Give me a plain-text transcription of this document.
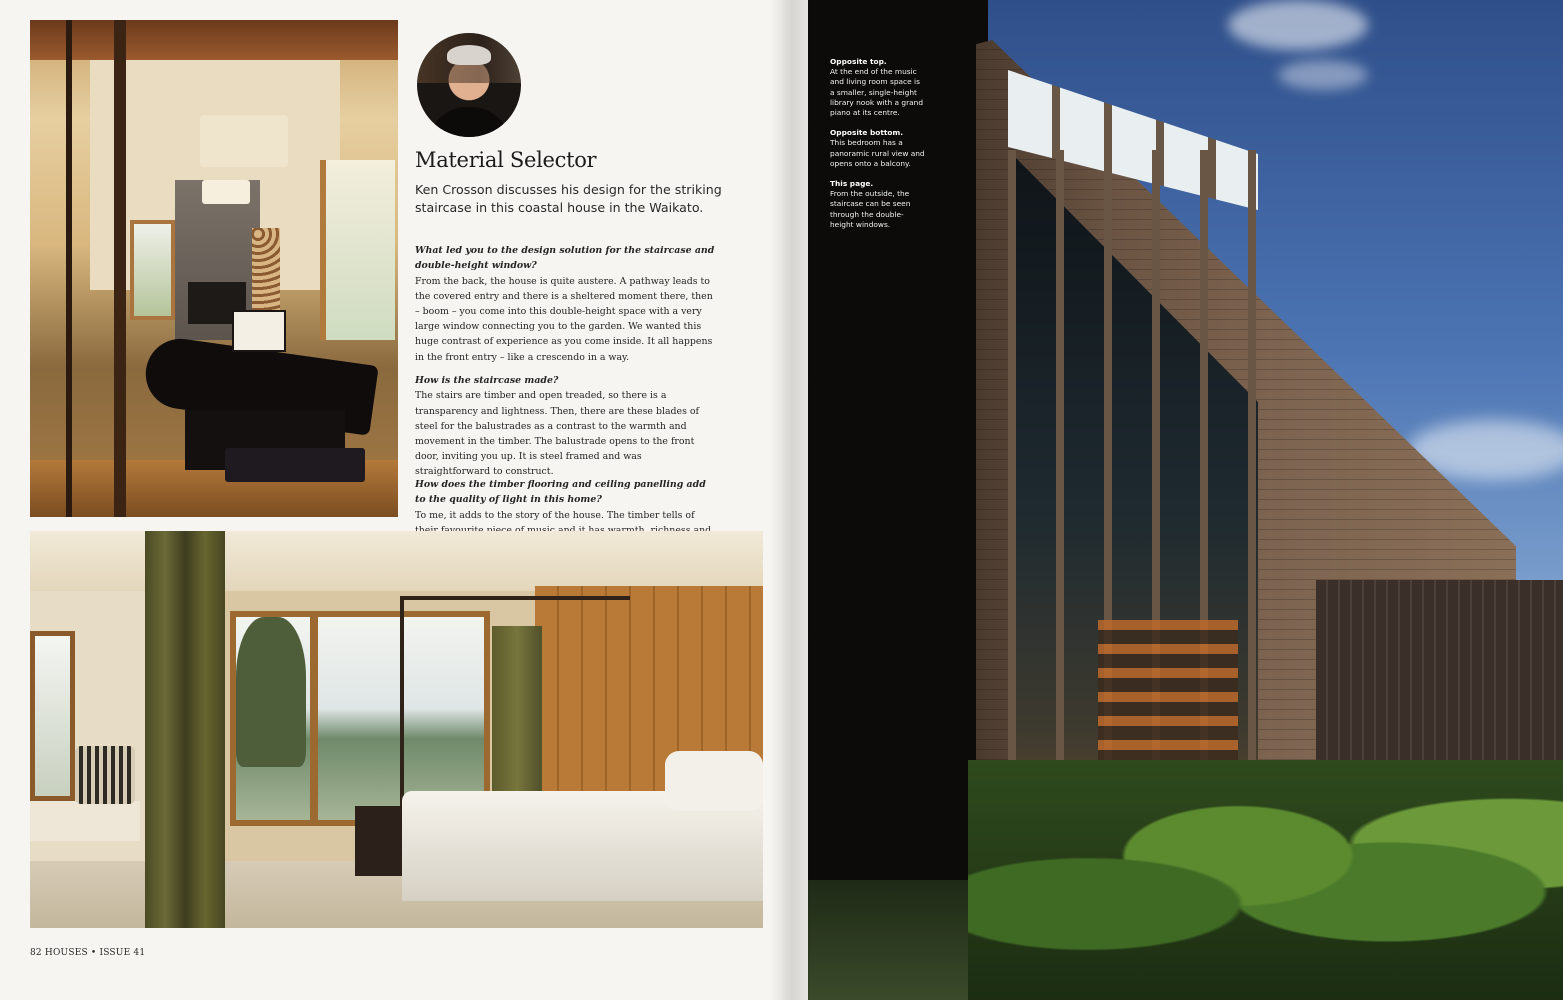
Material Selector
Ken Crosson discusses his design for the striking staircase in this coastal house in the Waikato.

What led you to the design solution for the staircase and double-height window?
From the back, the house is quite austere. A pathway leads to the covered entry and there is a sheltered moment there, then – boom – you come into this double-height space with a very large window connecting you to the garden. We wanted this huge contrast of experience as you come inside. It all happens in the front entry – like a crescendo in a way.

How is the staircase made?
The stairs are timber and open treaded, so there is a transparency and lightness. Then, there are these blades of steel for the balustrades as a contrast to the warmth and movement in the timber. The balustrade opens to the front door, inviting you up. It is steel framed and was straightforward to construct.

How does the timber flooring and ceiling panelling add to the quality of light in this home?
To me, it adds to the story of the house. The timber tells of

82 HOUSES • ISSUE 41
Opposite top.
At the end of the music and living room space is a smaller, single-height library nook with a grand piano at its centre.
Opposite bottom.
This bedroom has a panoramic rural view and opens onto a balcony.
This page.
From the outside, the staircase can be seen through the double-height windows.
